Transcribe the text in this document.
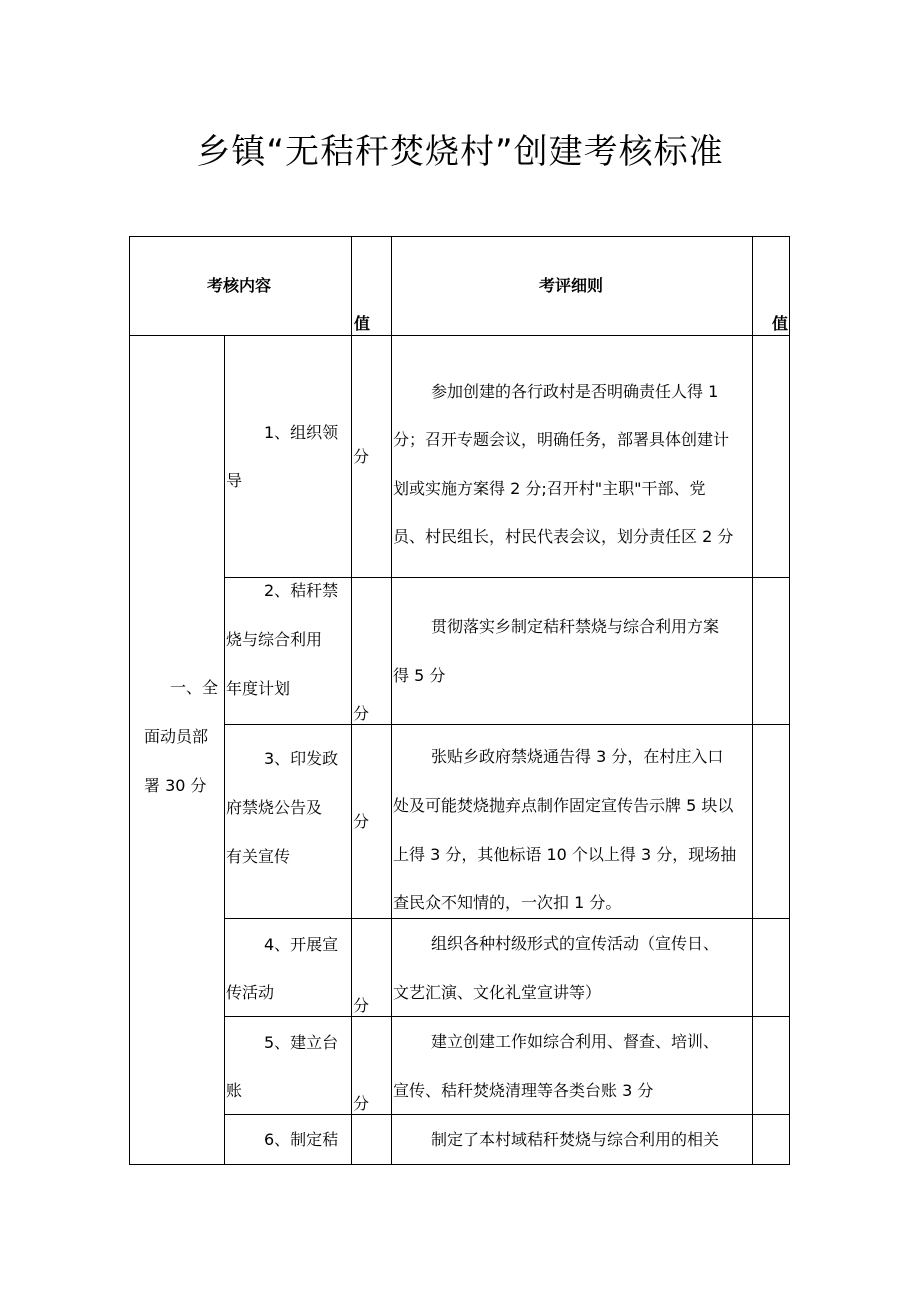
乡镇“无秸秆焚烧村”创建考核标准
考核内容
值
考评细则
值
一、全
面动员部
署 30 分
1、组织领
导
分
参加创建的各行政村是否明确责任人得 1
分；召开专题会议，明确任务，部署具体创建计
划或实施方案得 2 分;召开村"主职"干部、党
员、村民组长，村民代表会议，划分责任区 2 分
2、秸秆禁
烧与综合利用
年度计划
分
贯彻落实乡制定秸秆禁烧与综合利用方案
得 5 分
3、印发政
府禁烧公告及
有关宣传
分
张贴乡政府禁烧通告得 3 分，在村庄入口
处及可能焚烧抛弃点制作固定宣传告示牌 5 块以
上得 3 分，其他标语 10 个以上得 3 分，现场抽
查民众不知情的，一次扣 1 分。
4、开展宣
传活动
分
组织各种村级形式的宣传活动（宣传日、
文艺汇演、文化礼堂宣讲等）
5、建立台
账
分
建立创建工作如综合利用、督查、培训、
宣传、秸秆焚烧清理等各类台账 3 分
6、制定秸	制定了本村域秸秆焚烧与综合利用的相关
